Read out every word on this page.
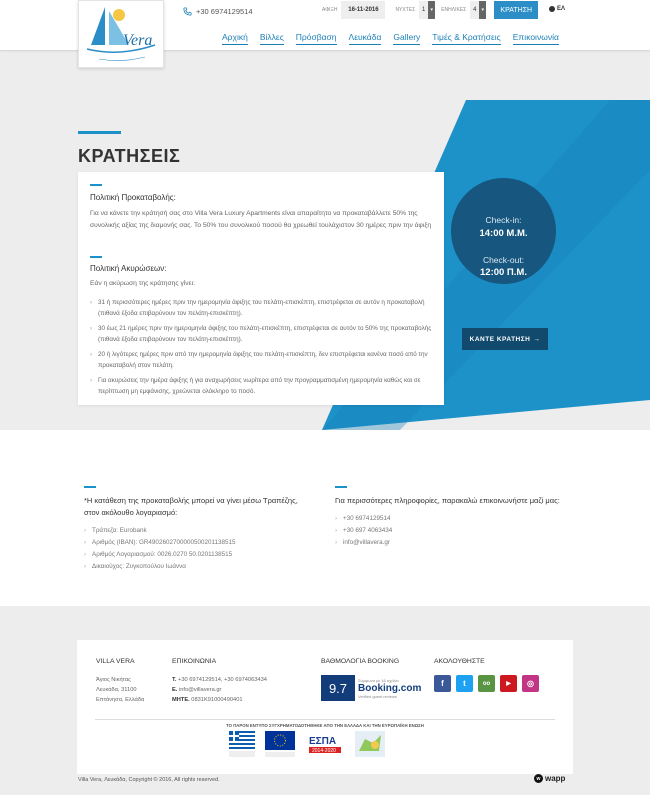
+30 6974129514	ΑΦΙΞΗ	16-11-2016	ΝΥΧΤΕΣ	1	▾	ΕΝΗΛΙΚΕΣ	4	▾	ΚΡΑΤΗΣΗ	ΕΛ
Αρχική Βίλλες Πρόσβαση Λευκάδα Gallery Τιμές & Κρατήσεις Επικοινωνία
Vera
ΚΡΑΤΗΣΕΙΣ
Πολιτική Προκαταβολής:

Για να κάνετε την κράτησή σας στο Villa Vera Luxury Apartments είναι απαραίτητο να προκαταβάλλετε 50% της συνολικής αξίας της διαμονής σας. Το 50% του συνολικού ποσού θα χρεωθεί τουλάχιστον 30 ημέρες πριν την άφιξη

Πολιτική Ακυρώσεων:

Εάν η ακύρωση της κράτησης γίνει:

› 31 ή περισσότερες ημέρες πριν την ημερομηνία άφιξης του πελάτη-επισκέπτη, επιστρέφεται σε αυτόν η προκαταβολή (πιθανά έξοδα επιβαρύνουν τον πελάτη-επισκέπτη).
› 30 έως 21 ημέρες πριν την ημερομηνία άφιξης του πελάτη-επισκέπτη, επιστρέφεται σε αυτόν το 50% της προκαταβολής (πιθανά έξοδα επιβαρύνουν τον πελάτη-επισκέπτη).
› 20 ή λιγότερες ημέρες πριν από την ημερομηνία άφιξης του πελάτη-επισκέπτη, δεν επιστρέφεται κανένα ποσό από την προκαταβολή στον πελάτη.
› Για ακυρώσεις την ημέρα άφιξης ή για αναχωρήσεις νωρίτερα από την προγραμματισμένη ημερομηνία καθώς και σε περίπτωση μη εμφάνισης, χρεώνεται ολόκληρο το ποσό.
Check-in:
14:00 Μ.Μ.
Check-out:
12:00 Π.Μ.
ΚΑΝΤΕ ΚΡΑΤΗΣΗ →
*Η κατάθεση της προκαταβολής μπορεί να γίνει μέσω Τραπέζης, στον ακόλουθο λογαριασμό:
› Τράπεζα: Eurobank
› Αριθμός (IBAN): GR4902602700000500201138515
› Αριθμός Λογαριασμού: 0026.0270 50.0201138515
› Δικαιούχος: Ζυγκοπούλου Ιωάννα
Για περισσότερες πληροφορίες, παρακαλώ επικοινωνήστε μαζί μας:
› +30 6974129514
› +30 697 4063434
› info@villavera.gr
VILLA VERA
Άγιος Νικήτας
Λευκάδα, 31100
Επτάνησα, Ελλάδα
ΕΠΙΚΟΙΝΩΝΙΑ
T. +30 6974129514, +30 6974063434
E. info@villavera.gr
ΜΗΤΕ. 0831Κ91000490401
ΒΑΘΜΟΛΟΓΙΑ BOOKING
9.7
Σύμφωνα με 16 σχόλια
Booking.com
Verified guest reviews
ΑΚΟΛΟΥΘΗΣΤΕ
f	t	oo	▶	◎
ΤΟ ΠΑΡΟΝ ΕΝΤΥΠΟ ΣΥΓΧΡΗΜΑΤΟΔΟΤΗΘΗΚΕ ΑΠΟ ΤΗΝ ΕΛΛΑΔΑ ΚΑΙ ΤΗΝ ΕΥΡΩΠΑΪΚΗ ΕΝΩΣΗ
ΕΣΠΑ
2014-2020
Villa Vera, Λευκάδα, Copyright © 2016, All rights reserved.	w wapp
